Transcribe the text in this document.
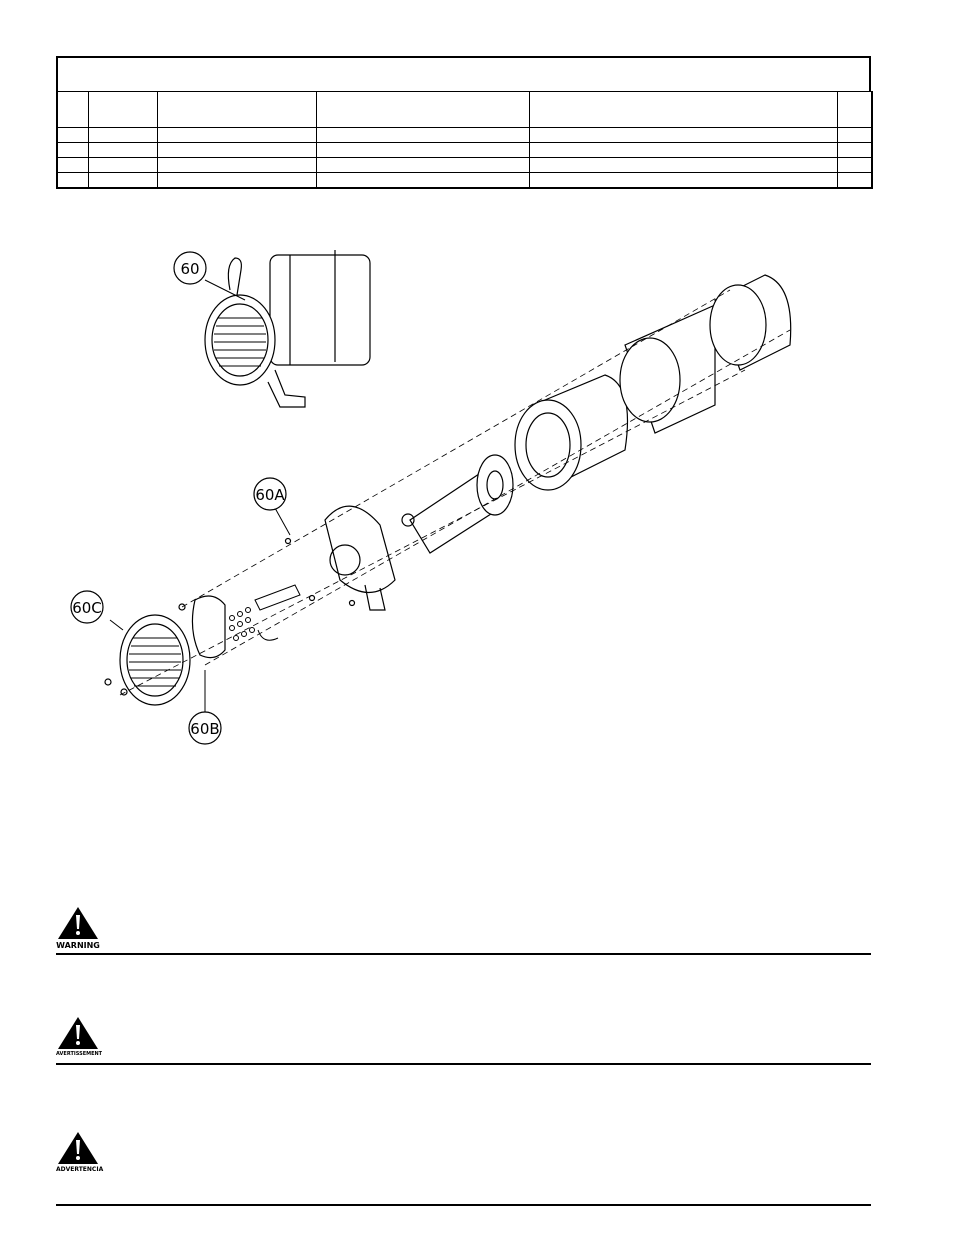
60
60A
60B
60C
WARNING
AVERTISSEMENT
ADVERTENCIA
